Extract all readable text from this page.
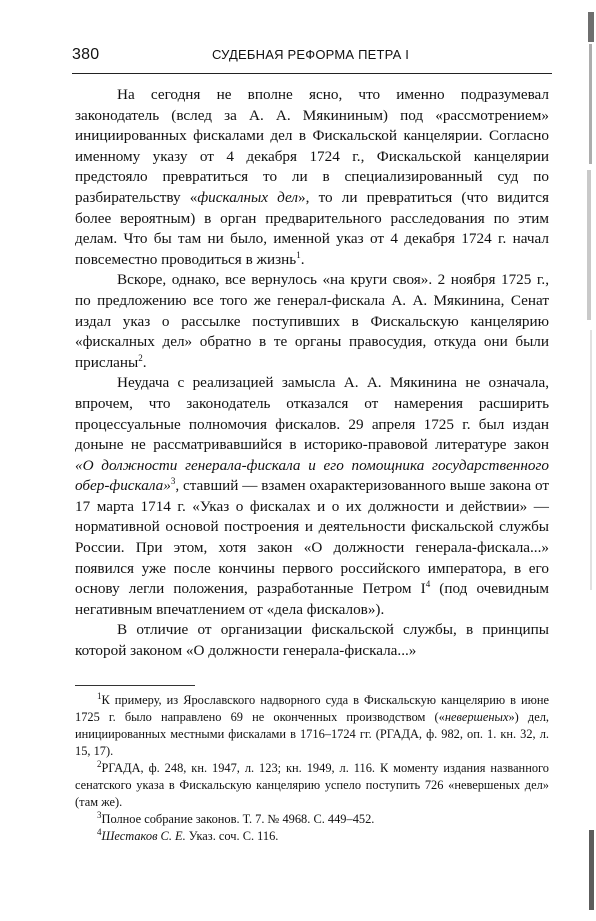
380	СУДЕБНАЯ РЕФОРМА ПЕТРА I

На сегодня не вполне ясно, что именно подразумевал законодатель (вслед за А. А. Мякининым) под «рассмотрением» инициированных фискалами дел в Фискальской канцелярии. Согласно именному указу от 4 декабря 1724 г., Фискальской канцелярии предстояло превратиться то ли в специализированный суд по разбирательству «фискалных дел», то ли превратиться (что видится более вероятным) в орган предварительного расследования по этим делам. Что бы там ни было, именной указ от 4 декабря 1724 г. начал повсеместно проводиться в жизнь$^1$.

Вскоре, однако, все вернулось «на круги своя». 2 ноября 1725 г., по предложению все того же генерал-фискала А. А. Мякинина, Сенат издал указ о рассылке поступивших в Фискальскую канцелярию «фискалных дел» обратно в те органы правосудия, откуда они были присланы$^2$.

Неудача с реализацией замысла А. А. Мякинина не означала, впрочем, что законодатель отказался от намерения расширить процессуальные полномочия фискалов. 29 апреля 1725 г. был издан доныне не рассматривавшийся в историко-правовой литературе закон «О должности генерала-фискала и его помощника государственного обер-фискала»$^3$, ставший — взамен охарактеризованного выше закона от 17 марта 1714 г. «Указ о фискалах и о их должности и действии» — нормативной основой построения и деятельности фискальской службы России. При этом, хотя закон «О должности генерала-фискала...» появился уже после кончины первого российского императора, в его основу легли положения, разработанные Петром $I^4$ (под очевидным негативным впечатлением от «дела фискалов»).

В отличие от организации фискальской службы, в принципы которой законом «О должности генерала-фискала...»

$^1$К примеру, из Ярославского надворного суда в Фискальскую канцелярию в июне 1725 г. было направлено 69 не оконченных производством («невершеных») дел, инициированных местными фискалами в 1716–1724 гг. (РГАДА, ф. 982, оп. 1. кн. 32, л. 15, 17).

$^2$РГАДА, ф. 248, кн. 1947, л. 123; кн. 1949, л. 116. К моменту издания названного сенатского указа в Фискальскую канцелярию успело поступить 726 «невершеных дел» (там же).

$^3$Полное собрание законов. Т. 7. № 4968. С. 449–452.

$^4$Шестаков С. Е. Указ. соч. С. 116.
